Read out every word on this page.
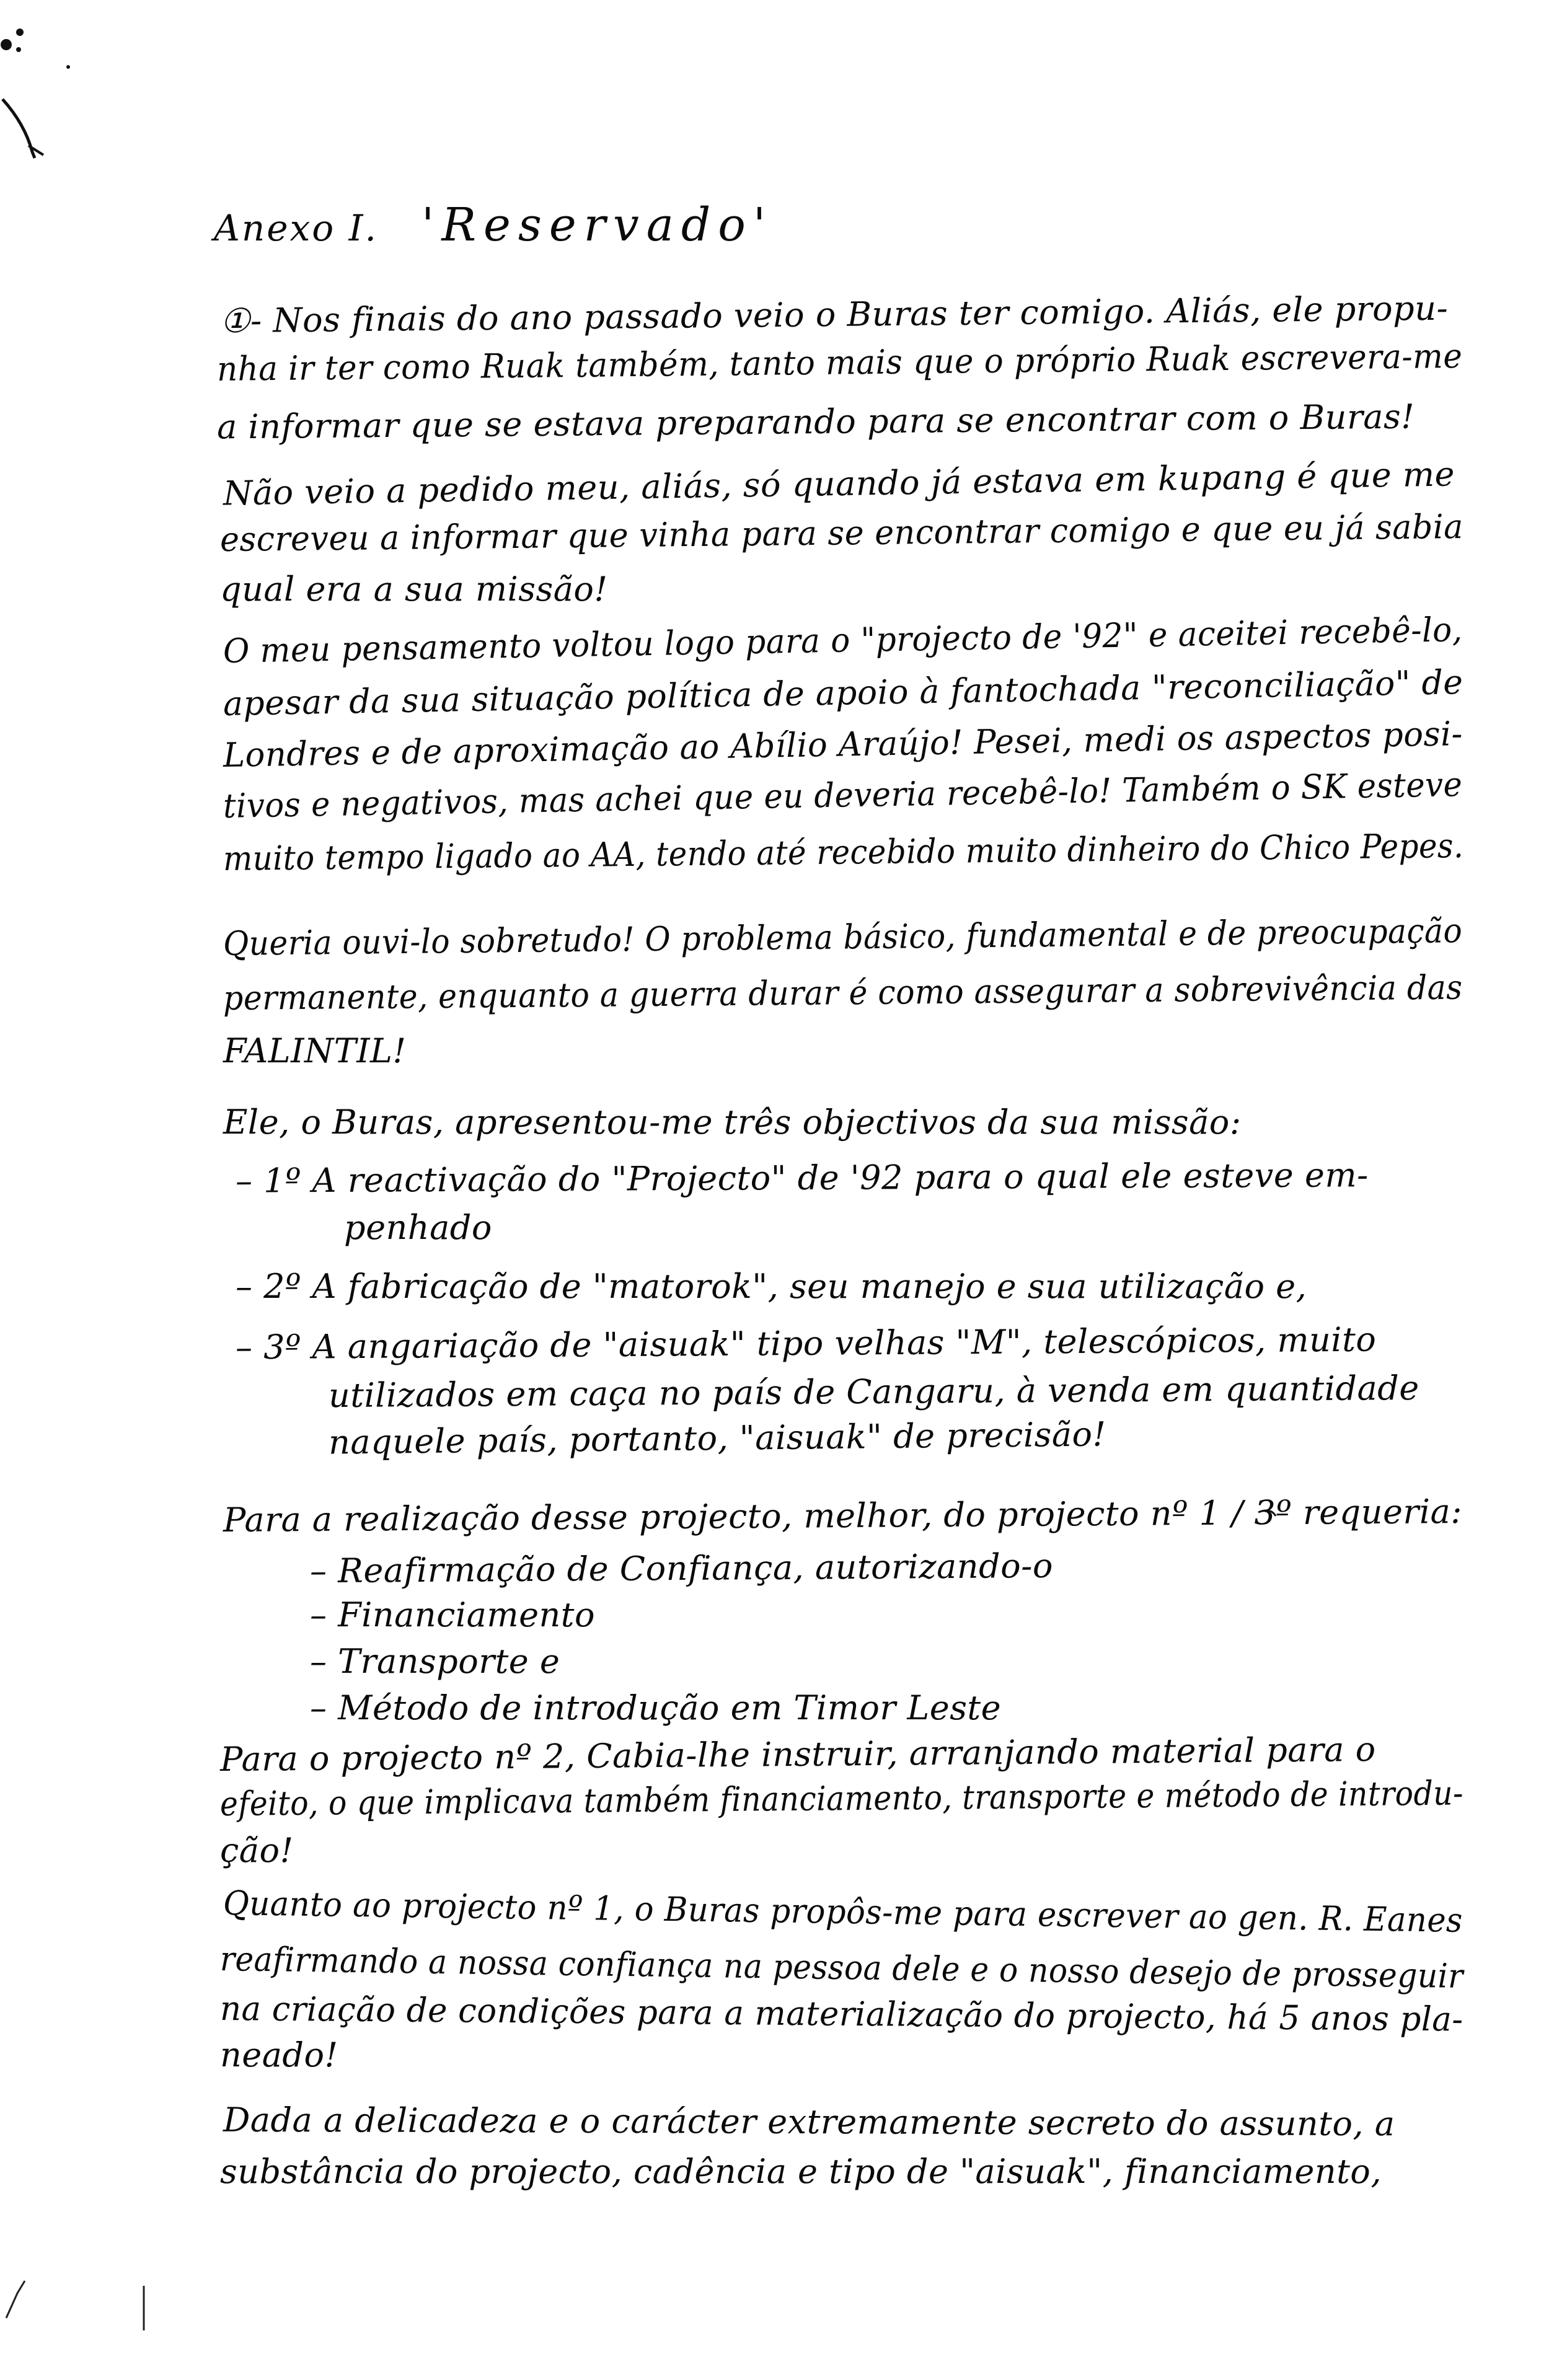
Anexo I. 'Reservado'
①- Nos finais do ano passado veio o Buras ter comigo. Aliás, ele propu-
nha ir ter como Ruak também, tanto mais que o próprio Ruak escrevera-me
a informar que se estava preparando para se encontrar com o Buras!
Não veio a pedido meu, aliás, só quando já estava em kupang é que me
escreveu a informar que vinha para se encontrar comigo e que eu já sabia
qual era a sua missão!
O meu pensamento voltou logo para o "projecto de '92" e aceitei recebê-lo,
apesar da sua situação política de apoio à fantochada "reconciliação" de
Londres e de aproximação ao Abílio Araújo! Pesei, medi os aspectos posi-
tivos e negativos, mas achei que eu deveria recebê-lo! Também o SK esteve
muito tempo ligado ao AA, tendo até recebido muito dinheiro do Chico Pepes.
Queria ouvi-lo sobretudo! O problema básico, fundamental e de preocupação
permanente, enquanto a guerra durar é como assegurar a sobrevivência das
FALINTIL!
Ele, o Buras, apresentou-me três objectivos da sua missão:
– 1º A reactivação do "Projecto" de '92 para o qual ele esteve em-
penhado
– 2º A fabricação de "matorok", seu manejo e sua utilização e,
– 3º A angariação de "aisuak" tipo velhas "M", telescópicos, muito
utilizados em caça no país de Cangaru, à venda em quantidade
naquele país, portanto, "aisuak" de precisão!
Para a realização desse projecto, melhor, do projecto nº 1 / 3º requeria:
– Reafirmação de Confiança, autorizando-o
– Financiamento
– Transporte e
– Método de introdução em Timor Leste
Para o projecto nº 2, Cabia-lhe instruir, arranjando material para o
efeito, o que implicava também financiamento, transporte e método de introdu-
ção!
Quanto ao projecto nº 1, o Buras propôs-me para escrever ao gen. R. Eanes
reafirmando a nossa confiança na pessoa dele e o nosso desejo de prosseguir
na criação de condições para a materialização do projecto, há 5 anos pla-
neado!
Dada a delicadeza e o carácter extremamente secreto do assunto, a
substância do projecto, cadência e tipo de "aisuak", financiamento,
